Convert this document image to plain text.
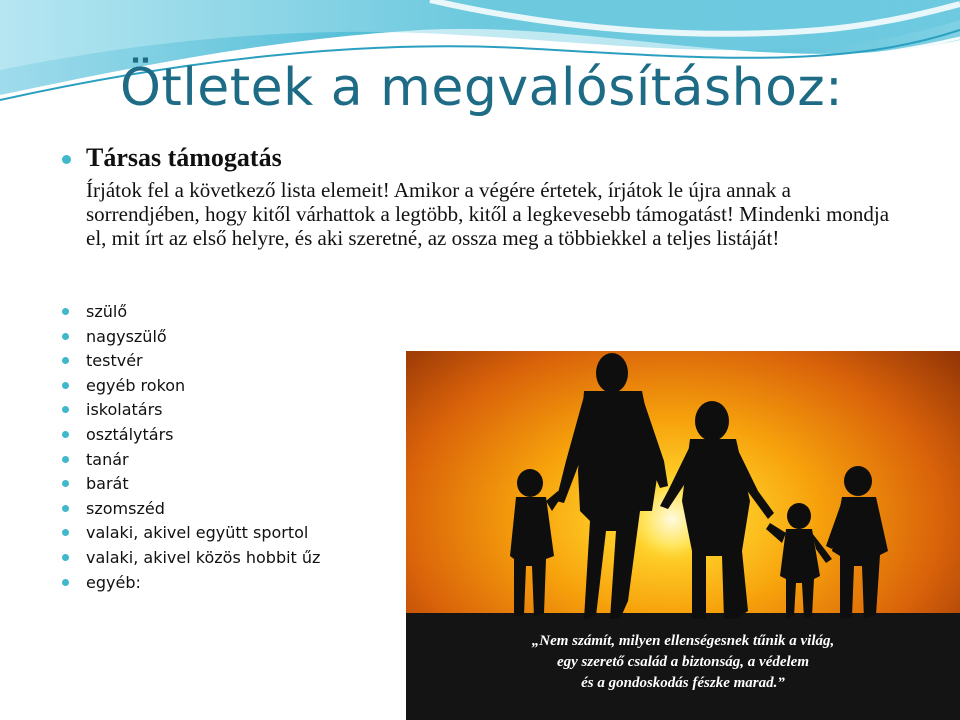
Ötletek a megvalósításhoz:
Társas támogatás

Írjátok fel a következő lista elemeit! Amikor a végére értetek, írjátok le újra annak a sorrendjében, hogy kitől várhattok a legtöbb, kitől a legkevesebb támogatást! Mindenki mondja el, mit írt az első helyre, és aki szeretné, az ossza meg a többiekkel a teljes listáját!

szülő
nagyszülő
testvér
egyéb rokon
iskolatárs
osztálytárs
tanár
barát
szomszéd
valaki, akivel együtt sportol
valaki, akivel közös hobbit űz
egyéb:

„Nem számít, milyen ellenségesnek tűnik a világ,
egy szerető család a biztonság, a védelem
és a gondoskodás fészke marad.”
